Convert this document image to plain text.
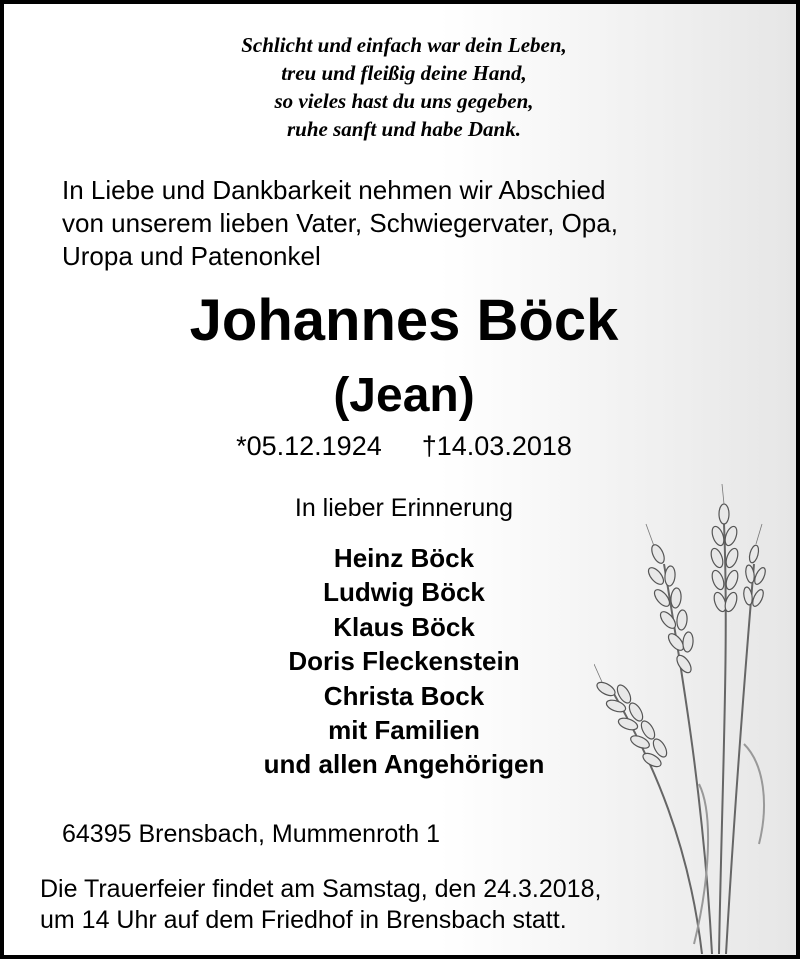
Schlicht und einfach war dein Leben,
treu und fleißig deine Hand,
so vieles hast du uns gegeben,
ruhe sanft und habe Dank.
In Liebe und Dankbarkeit nehmen wir Abschied
von unserem lieben Vater, Schwiegervater, Opa,
Uropa und Patenonkel
Johannes Böck
(Jean)
*05.12.1924 †14.03.2018
In lieber Erinnerung
Heinz Böck
Ludwig Böck
Klaus Böck
Doris Fleckenstein
Christa Bock
mit Familien
und allen Angehörigen
64395 Brensbach, Mummenroth 1
Die Trauerfeier findet am Samstag, den 24.3.2018,
um 14 Uhr auf dem Friedhof in Brensbach statt.
